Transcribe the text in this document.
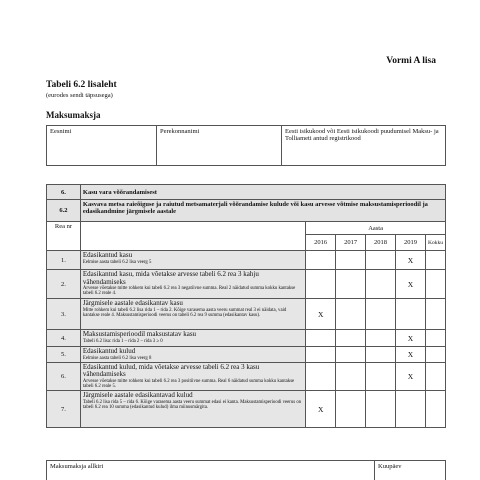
Vormi A lisa
Tabeli 6.2 lisaleht
(eurodes sendi täpsusega)
Maksumaksja
Eesnimi	Perekonnanimi	Eesti isikukood või Eesti isikukoodi puudumisel Maksu- ja Tolliameti antud registrikood
6.	Kasu vara võõrandamisest					
6.2	Kasvava metsa raieõiguse ja raiutud metsamaterjali võõrandamise kulude või kasu arvesse võtmise maksustamisperioodil ja edasikandmine järgmisele aastale					
Rea nr		Aasta				
		2016	2017	2018	2019	Kokku
1.	Edasikantud kasu
Eelmise aasta tabeli 6.2 lisa veerg 5				X	
2.	Edasikantud kasu, mida võetakse arvesse tabeli 6.2 rea 3 kahju vähendamiseks
Arvesse võetakse mitte rohkem kui tabeli 6.2 rea 3 negatiivne summa. Real 2 näidatud summa kokku kantakse tabeli 6.2 reale 4.				X	
3.	Järgmisele aastale edasikantav kasu
Mitte rohkem kui tabeli 6.2 lisa rida 1 – rida 2. Kõige varasema aasta veeru summat real 3 ei näidata, vaid kantakse reale 4. Maksustamisperioodi veerus on tabeli 6.2 rea 9 summa (edasikantav kasu).	X				
4.	Maksustamisperioodil maksustatav kasu
Tabeli 6.2 lisa: rida 1 – rida 2 – rida 3 ≥ 0				X	
5.	Edasikantud kulud
Eelmise aasta tabeli 6.2 lisa veerg 8				X	
6.	Edasikantud kulud, mida võetakse arvesse tabeli 6.2 rea 3 kasu vähendamiseks
Arvesse võetakse mitte rohkem kui tabeli 6.2 rea 3 positiivne summa. Real 6 näidatud summa kokku kantakse tabeli 6.2 reale 5.				X	
7.	Järgmisele aastale edasikantavad kulud
Tabeli 6.2 lisa rida 5 – rida 6. Kõige varasema aasta veeru summat edasi ei kanta. Maksustamisperioodi veerus on tabeli 6.2 rea 10 summa (edasikantud kulud) ilma miinusmärgita.	X				
Maksumaksja allkiri	Kuupäev
